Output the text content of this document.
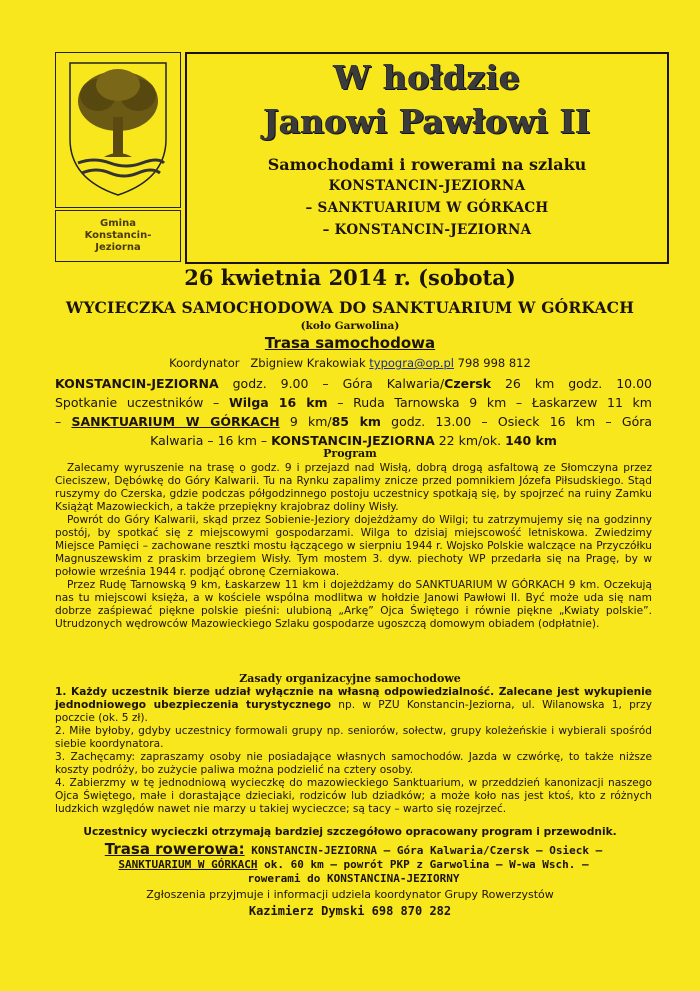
Gmina
Konstancin-
Jeziorna
W hołdzie
Janowi Pawłowi II
Samochodami i rowerami na szlaku
KONSTANCIN-JEZIORNA
– SANKTUARIUM W GÓRKACH
– KONSTANCIN-JEZIORNA
26 kwietnia 2014 r. (sobota)
WYCIECZKA SAMOCHODOWA DO SANKTUARIUM W GÓRKACH
(koło Garwolina)
Trasa samochodowa
Koordynator Zbigniew Krakowiak typogra@op.pl 798 998 812
KONSTANCIN-JEZIORNA godz. 9.00 – Góra Kalwaria/Czersk 26 km godz. 10.00
Spotkanie uczestników – Wilga 16 km – Ruda Tarnowska 9 km – Łaskarzew 11 km
– SANKTUARIUM W GÓRKACH 9 km/85 km godz. 13.00 – Osieck 16 km – Góra
Kalwaria – 16 km – KONSTANCIN-JEZIORNA 22 km/ok. 140 km
Program

Zalecamy wyruszenie na trasę o godz. 9 i przejazd nad Wisłą, dobrą drogą asfaltową ze Słomczyna przez Cieciszew, Dębówkę do Góry Kalwarii. Tu na Rynku zapalimy znicze przed pomnikiem Józefa Piłsudskiego. Stąd ruszymy do Czerska, gdzie podczas półgodzinnego postoju uczestnicy spotkają się, by spojrzeć na ruiny Zamku Książąt Mazowieckich, a także przepiękny krajobraz doliny Wisły.

Powrót do Góry Kalwarii, skąd przez Sobienie-Jeziory dojeżdżamy do Wilgi; tu zatrzymujemy się na godzinny postój, by spotkać się z miejscowymi gospodarzami. Wilga to dzisiaj miejscowość letniskowa. Zwiedzimy Miejsce Pamięci – zachowane resztki mostu łączącego w sierpniu 1944 r. Wojsko Polskie walczące na Przyczółku Magnuszewskim z praskim brzegiem Wisły. Tym mostem 3. dyw. piechoty WP przedarła się na Pragę, by w połowie września 1944 r. podjąć obronę Czerniakowa.

Przez Rudę Tarnowską 9 km, Łaskarzew 11 km i dojeżdżamy do SANKTUARIUM W GÓRKACH 9 km. Oczekują nas tu miejscowi księża, a w kościele wspólna modlitwa w hołdzie Janowi Pawłowi II. Być może uda się nam dobrze zaśpiewać piękne polskie pieśni: ulubioną „Arkę” Ojca Świętego i równie piękne „Kwiaty polskie”. Utrudzonych wędrowców Mazowieckiego Szlaku gospodarze ugoszczą domowym obiadem (odpłatnie).

Zasady organizacyjne samochodowe

1. Każdy uczestnik bierze udział wyłącznie na własną odpowiedzialność. Zalecane jest wykupienie jednodniowego ubezpieczenia turystycznego np. w PZU Konstancin-Jeziorna, ul. Wilanowska 1, przy poczcie (ok. 5 zł).

2. Miłe byłoby, gdyby uczestnicy formowali grupy np. seniorów, sołectw, grupy koleżeńskie i wybierali spośród siebie koordynatora.

3. Zachęcamy: zapraszamy osoby nie posiadające własnych samochodów. Jazda w czwórkę, to także niższe koszty podróży, bo zużycie paliwa można podzielić na cztery osoby.

4. Zabierzmy w tę jednodniową wycieczkę do mazowieckiego Sanktuarium, w przeddzień kanonizacji naszego Ojca Świętego, małe i dorastające dzieciaki, rodziców lub dziadków; a może koło nas jest ktoś, kto z różnych ludzkich względów nawet nie marzy u takiej wycieczce; są tacy – warto się rozejrzeć.

Uczestnicy wycieczki otrzymają bardziej szczegółowo opracowany program i przewodnik.
Trasa rowerowa: KONSTANCIN-JEZIORNA – Góra Kalwaria/Czersk – Osieck –
SANKTUARIUM W GÓRKACH ok. 60 km – powrót PKP z Garwolina – W-wa Wsch. –
rowerami do KONSTANCINA-JEZIORNY
Zgłoszenia przyjmuje i informacji udziela koordynator Grupy Rowerzystów
Kazimierz Dymski 698 870 282
